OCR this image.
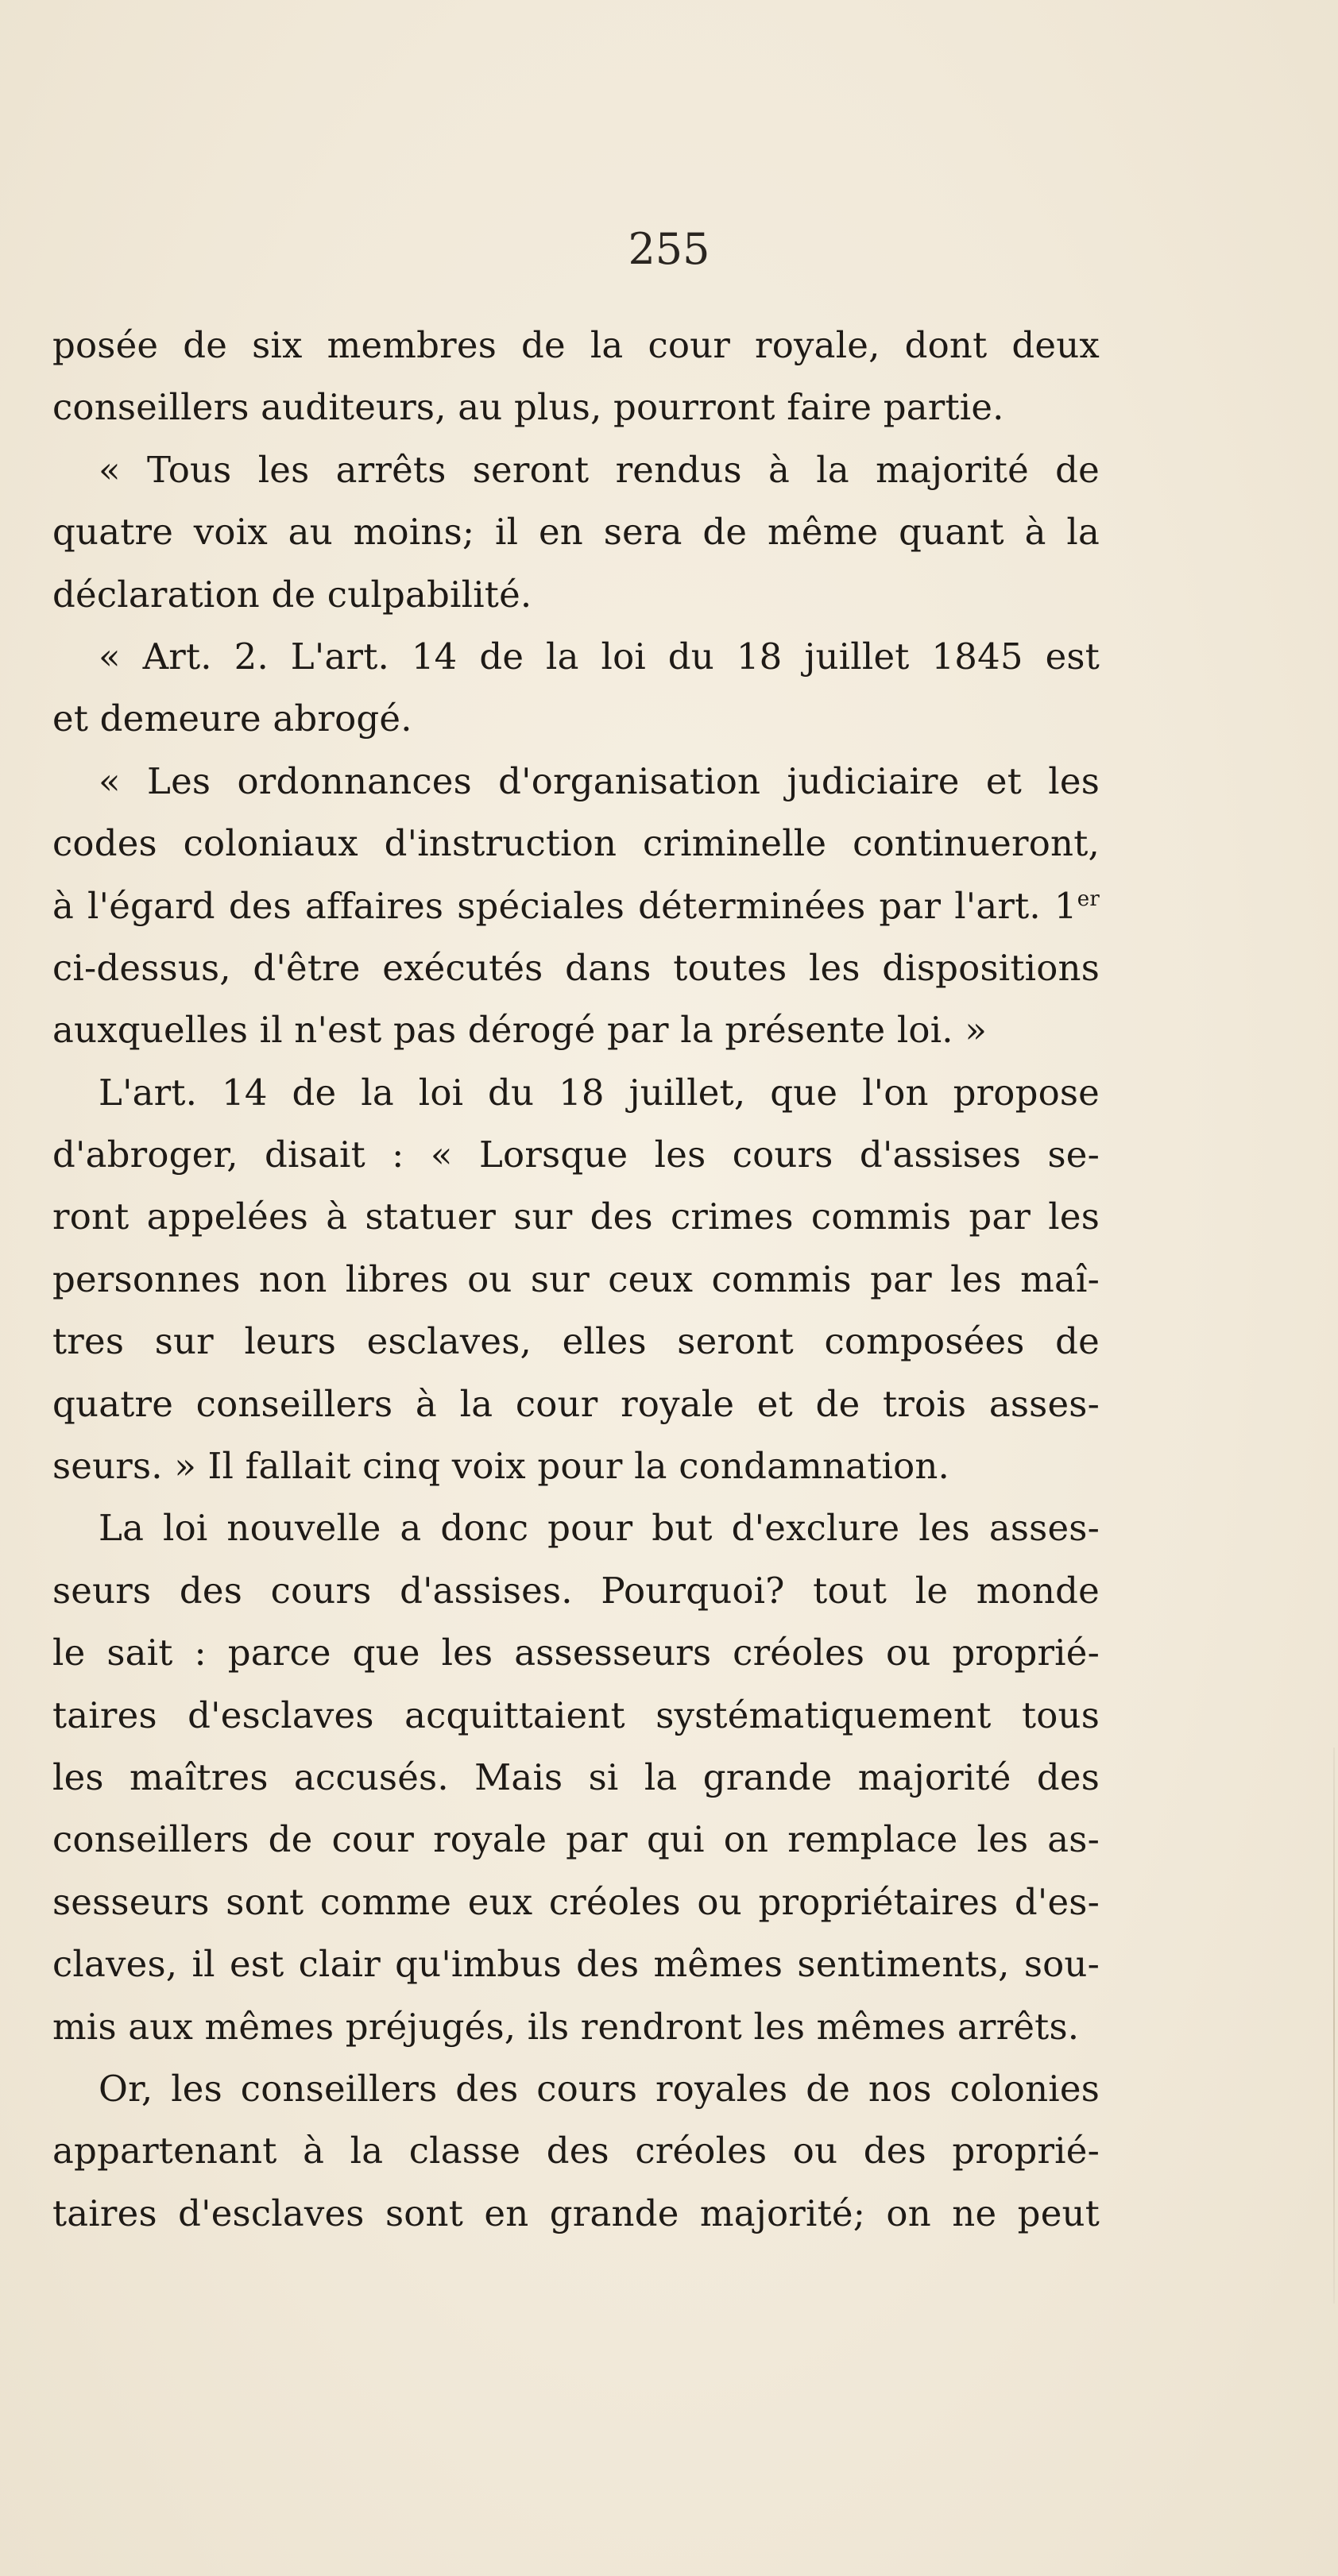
255
posée de six membres de la cour royale, dont deux
conseillers auditeurs, au plus, pourront faire partie.
« Tous les arrêts seront rendus à la majorité de
quatre voix au moins; il en sera de même quant à la
déclaration de culpabilité.
« Art. 2. L'art. 14 de la loi du 18 juillet 1845 est
et demeure abrogé.
« Les ordonnances d'organisation judiciaire et les
codes coloniaux d'instruction criminelle continueront,
à l'égard des affaires spéciales déterminées par l'art. 1er
ci-dessus, d'être exécutés dans toutes les dispositions
auxquelles il n'est pas dérogé par la présente loi. »
L'art. 14 de la loi du 18 juillet, que l'on propose
d'abroger, disait : « Lorsque les cours d'assises se-
ront appelées à statuer sur des crimes commis par les
personnes non libres ou sur ceux commis par les maî-
tres sur leurs esclaves, elles seront composées de
quatre conseillers à la cour royale et de trois asses-
seurs. » Il fallait cinq voix pour la condamnation.
La loi nouvelle a donc pour but d'exclure les asses-
seurs des cours d'assises. Pourquoi? tout le monde
le sait : parce que les assesseurs créoles ou proprié-
taires d'esclaves acquittaient systématiquement tous
les maîtres accusés. Mais si la grande majorité des
conseillers de cour royale par qui on remplace les as-
sesseurs sont comme eux créoles ou propriétaires d'es-
claves, il est clair qu'imbus des mêmes sentiments, sou-
mis aux mêmes préjugés, ils rendront les mêmes arrêts.
Or, les conseillers des cours royales de nos colonies
appartenant à la classe des créoles ou des proprié-
taires d'esclaves sont en grande majorité; on ne peut
